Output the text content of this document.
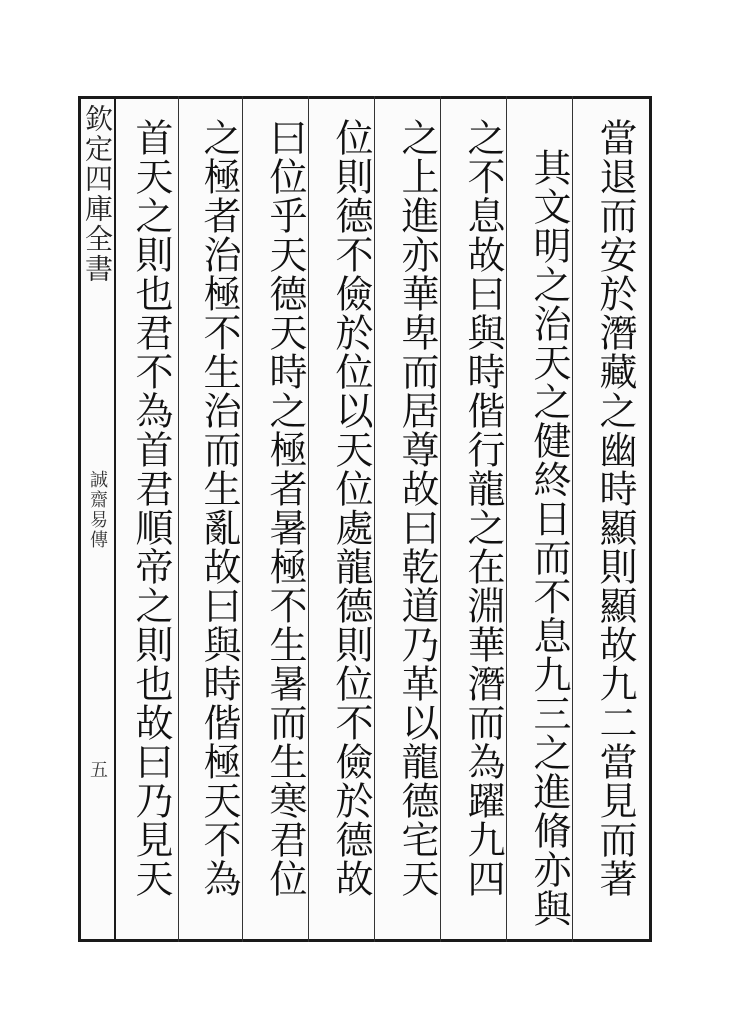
欽定四庫全書
誠齋易傳
五	當退而安於潛藏之幽時顯則顯故九二當見而著
其文明之治天之健終日而不息九三之進脩亦與
之不息故曰與時偕行龍之在淵華潛而為躍九四
之上進亦華卑而居尊故曰乾道乃革以龍德宅天
位則德不儉於位以天位處龍德則位不儉於德故
曰位乎天德天時之極者暑極不生暑而生寒君位
之極者治極不生治而生亂故曰與時偕極天不為
首天之則也君不為首君順帝之則也故曰乃見天
